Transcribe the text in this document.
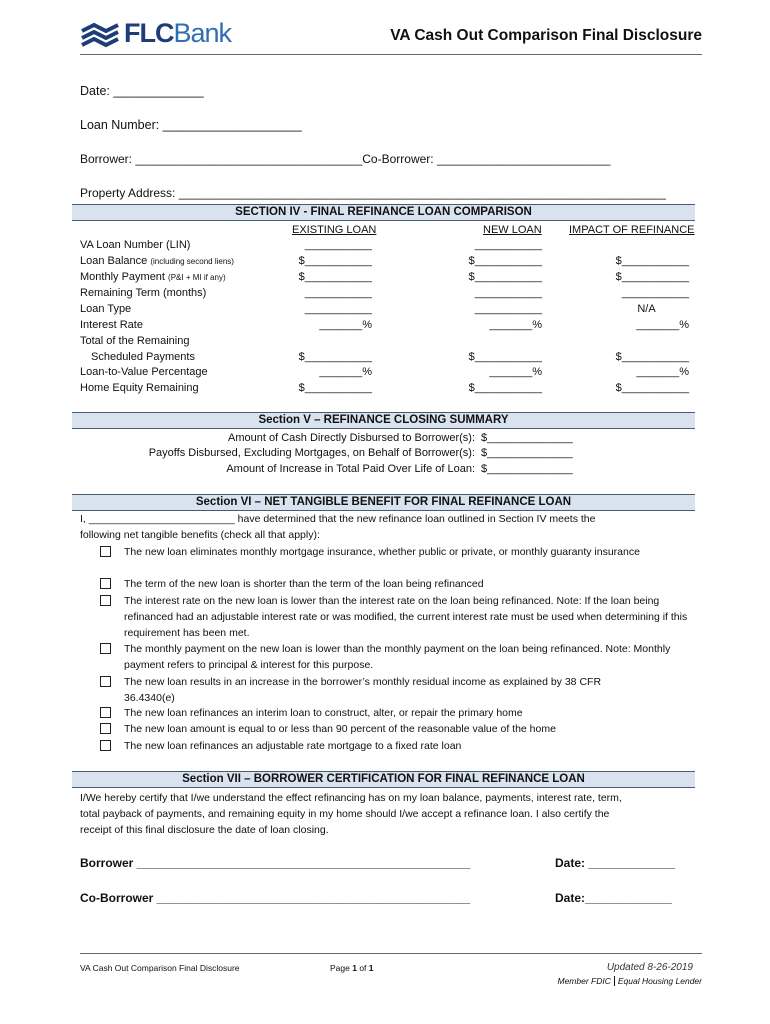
FLCBank	VA Cash Out Comparison Final Disclosure
Date: _____________
Loan Number: ____________________
Borrower: __________________________________Co-Borrower: __________________________
Property Address: _________________________________________________________________________
SECTION IV - FINAL REFINANCE LOAN COMPARISON
EXISTING LOAN	NEW LOAN IMPACT OF REFINANCE
VA Loan Number (LIN)	___________	___________
Loan Balance (including second liens)	$___________	$___________	$___________
Monthly Payment (P&I + MI if any)	$___________	$___________	$___________
Remaining Term (months)	___________	___________	___________
Loan Type	___________	___________	N/A
Interest Rate	_______%	_______%	_______%
Total of the Remaining
Scheduled Payments	$___________	$___________	$___________
Loan-to-Value Percentage	_______%	_______%	_______%
Home Equity Remaining	$___________	$___________	$___________
Section V – REFINANCE CLOSING SUMMARY
Amount of Cash Directly Disbursed to Borrower(s): $______________
Payoffs Disbursed, Excluding Mortgages, on Behalf of Borrower(s): $______________
Amount of Increase in Total Paid Over Life of Loan: $______________
Section VI – NET TANGIBLE BENEFIT FOR FINAL REFINANCE LOAN
I, _________________________ have determined that the new refinance loan outlined in Section IV meets the
following net tangible benefits (check all that apply):
The new loan eliminates monthly mortgage insurance, whether public or private, or monthly guaranty insurance
The term of the new loan is shorter than the term of the loan being refinanced
The interest rate on the new loan is lower than the interest rate on the loan being refinanced. Note: If the loan being refinanced had an adjustable interest rate or was modified, the current interest rate must be used when determining if this requirement has been met.
The monthly payment on the new loan is lower than the monthly payment on the loan being refinanced. Note: Monthly payment refers to principal & interest for this purpose.
The new loan results in an increase in the borrower’s monthly residual income as explained by 38 CFR 36.4340(e)
The new loan refinances an interim loan to construct, alter, or repair the primary home
The new loan amount is equal to or less than 90 percent of the reasonable value of the home
The new loan refinances an adjustable rate mortgage to a fixed rate loan
Section VII – BORROWER CERTIFICATION FOR FINAL REFINANCE LOAN
I/We hereby certify that I/we understand the effect refinancing has on my loan balance, payments, interest rate, term,
total payback of payments, and remaining equity in my home should I/we accept a refinance loan. I also certify the
receipt of this final disclosure the date of loan closing.
Borrower __________________________________________________	Date: _____________
Co-Borrower _______________________________________________	Date:_____________
VA Cash Out Comparison Final Disclosure	Page 1 of 1	Updated 8-26-2019
Member FDIC Equal Housing Lender
